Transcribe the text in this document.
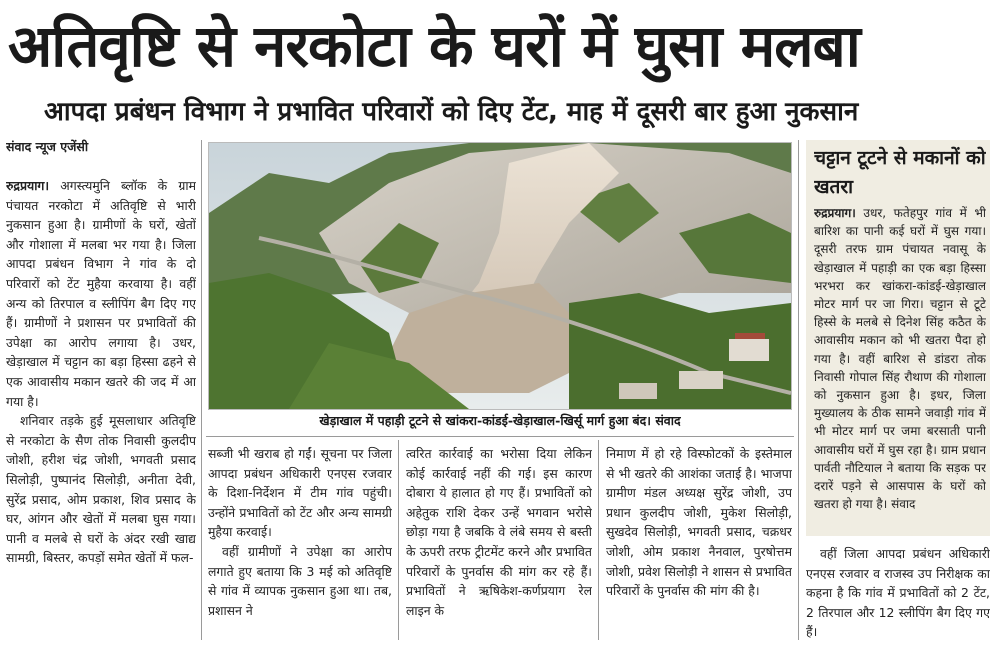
अतिवृष्टि से नरकोटा के घरों में घुसा मलबा
आपदा प्रबंधन विभाग ने प्रभावित परिवारों को दिए टेंट, माह में दूसरी बार हुआ नुकसान
संवाद न्यूज एजेंसी

रुद्रप्रयाग। अगस्त्यमुनि ब्लॉक के ग्राम पंचायत नरकोटा में अतिवृष्टि से भारी नुकसान हुआ है। ग्रामीणों के घरों, खेतों और गोशाला में मलबा भर गया है। जिला आपदा प्रबंधन विभाग ने गांव के दो परिवारों को टेंट मुहैया करवाया है। वहीं अन्य को तिरपाल व स्लीपिंग बैग दिए गए हैं। ग्रामीणों ने प्रशासन पर प्रभावितों की उपेक्षा का आरोप लगाया है। उधर, खेड़ाखाल में चट्टान का बड़ा हिस्सा ढहने से एक आवासीय मकान खतरे की जद में आ गया है।

शनिवार तड़के हुई मूसलाधार अतिवृष्टि से नरकोटा के सैण तोक निवासी कुलदीप जोशी, हरीश चंद्र जोशी, भगवती प्रसाद सिलोड़ी, पुष्पानंद सिलोड़ी, अनीता देवी, सुरेंद्र प्रसाद, ओम प्रकाश, शिव प्रसाद के घर, आंगन और खेतों में मलबा घुस गया। पानी व मलबे से घरों के अंदर रखी खाद्य सामग्री, बिस्तर, कपड़ों समेत खेतों में फल-

खेड़ाखाल में पहाड़ी टूटने से खांकरा-कांडई-खेड़ाखाल-खिर्सू मार्ग हुआ बंद। संवाद

सब्जी भी खराब हो गईं। सूचना पर जिला आपदा प्रबंधन अधिकारी एनएस रजवार के दिशा-निर्देशन में टीम गांव पहुंची। उन्होंने प्रभावितों को टेंट और अन्य सामग्री मुहैया करवाई।

वहीं ग्रामीणों ने उपेक्षा का आरोप लगाते हुए बताया कि 3 मई को अतिवृष्टि से गांव में व्यापक नुकसान हुआ था। तब, प्रशासन ने

त्वरित कार्रवाई का भरोसा दिया लेकिन कोई कार्रवाई नहीं की गई। इस कारण दोबारा ये हालात हो गए हैं। प्रभावितों को अहेतुक राशि देकर उन्हें भगवान भरोसे छोड़ा गया है जबकि वे लंबे समय से बस्ती के ऊपरी तरफ ट्रीटमेंट करने और प्रभावित परिवारों के पुनर्वास की मांग कर रहे हैं। प्रभावितों ने ऋषिकेश-कर्णप्रयाग रेल लाइन के

निमाण में हो रहे विस्फोटकों के इस्तेमाल से भी खतरे की आशंका जताई है। भाजपा ग्रामीण मंडल अध्यक्ष सुरेंद्र जोशी, उप प्रधान कुलदीप जोशी, मुकेश सिलोड़ी, सुखदेव सिलोड़ी, भगवती प्रसाद, चक्रधर जोशी, ओम प्रकाश नैनवाल, पुरषोत्तम जोशी, प्रवेश सिलोड़ी ने शासन से प्रभावित परिवारों के पुनर्वास की मांग की है।

चट्टान टूटने से मकानों को खतरा
रुद्रप्रयाग। उधर, फतेहपुर गांव में भी बारिश का पानी कई घरों में घुस गया। दूसरी तरफ ग्राम पंचायत नवासू के खेड़ाखाल में पहाड़ी का एक बड़ा हिस्सा भरभरा कर खांकरा-कांडई-खेड़ाखाल मोटर मार्ग पर जा गिरा। चट्टान से टूटे हिस्से के मलबे से दिनेश सिंह कठैत के आवासीय मकान को भी खतरा पैदा हो गया है। वहीं बारिश से डांडरा तोक निवासी गोपाल सिंह रौथाण की गोशाला को नुकसान हुआ है। इधर, जिला मुख्यालय के ठीक सामने जवाड़ी गांव में भी मोटर मार्ग पर जमा बरसाती पानी आवासीय घरों में घुस रहा है। ग्राम प्रधान पार्वती नौटियाल ने बताया कि सड़क पर दरारें पड़ने से आसपास के घरों को खतरा हो गया है। संवाद

वहीं जिला आपदा प्रबंधन अधिकारी एनएस रजवार व राजस्व उप निरीक्षक का कहना है कि गांव में प्रभावितों को 2 टेंट, 2 तिरपाल और 12 स्लीपिंग बैग दिए गए हैं।
